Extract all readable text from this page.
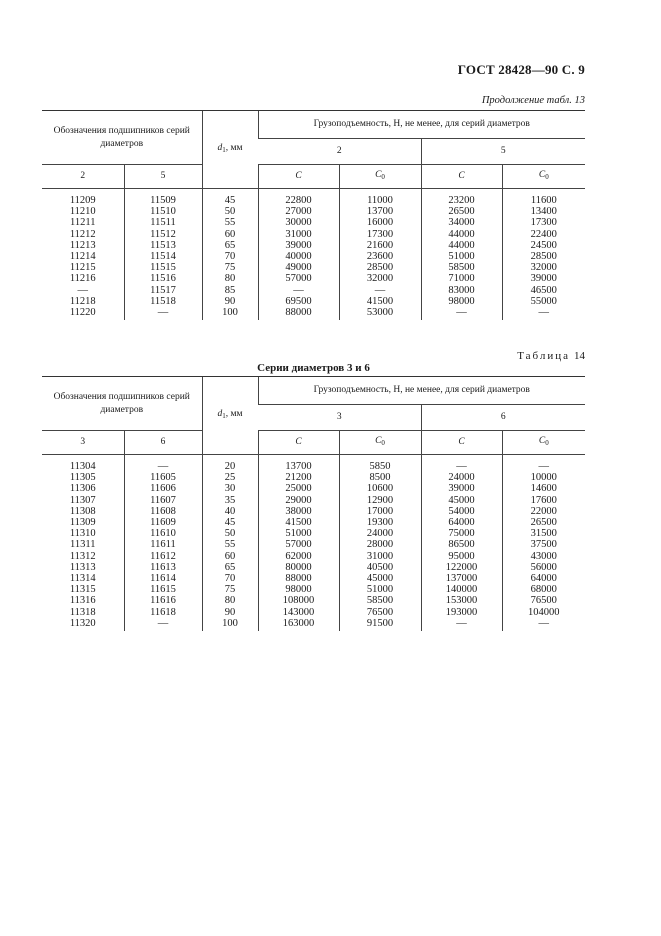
ГОСТ 28428—90 С. 9
Продолжение табл. 13
Обозначения подшипников серий диаметров		$d_1$, мм	Грузоподъемность, Н, не менее, для серий диаметров			
			2		5	
2	5		C	$C_0$	C	$C_0$
11209	11509	45	22800	11000	23200	11600
11210	11510	50	27000	13700	26500	13400
11211	11511	55	30000	16000	34000	17300
11212	11512	60	31000	17300	44000	22400
11213	11513	65	39000	21600	44000	24500
11214	11514	70	40000	23600	51000	28500
11215	11515	75	49000	28500	58500	32000
11216	11516	80	57000	32000	71000	39000
—	11517	85	—	—	83000	46500
11218	11518	90	69500	41500	98000	55000
11220	—	100	88000	53000	—	—
Таблица 14
Серии диаметров 3 и 6
Обозначения подшипников серий диаметров		$d_1$, мм	Грузоподъемность, Н, не менее, для серий диаметров			
			3		6	
3	6		C	$C_0$	C	$C_0$
11304	—	20	13700	5850	—	—
11305	11605	25	21200	8500	24000	10000
11306	11606	30	25000	10600	39000	14600
11307	11607	35	29000	12900	45000	17600
11308	11608	40	38000	17000	54000	22000
11309	11609	45	41500	19300	64000	26500
11310	11610	50	51000	24000	75000	31500
11311	11611	55	57000	28000	86500	37500
11312	11612	60	62000	31000	95000	43000
11313	11613	65	80000	40500	122000	56000
11314	11614	70	88000	45000	137000	64000
11315	11615	75	98000	51000	140000	68000
11316	11616	80	108000	58500	153000	76500
11318	11618	90	143000	76500	193000	104000
11320	—	100	163000	91500	—	—
